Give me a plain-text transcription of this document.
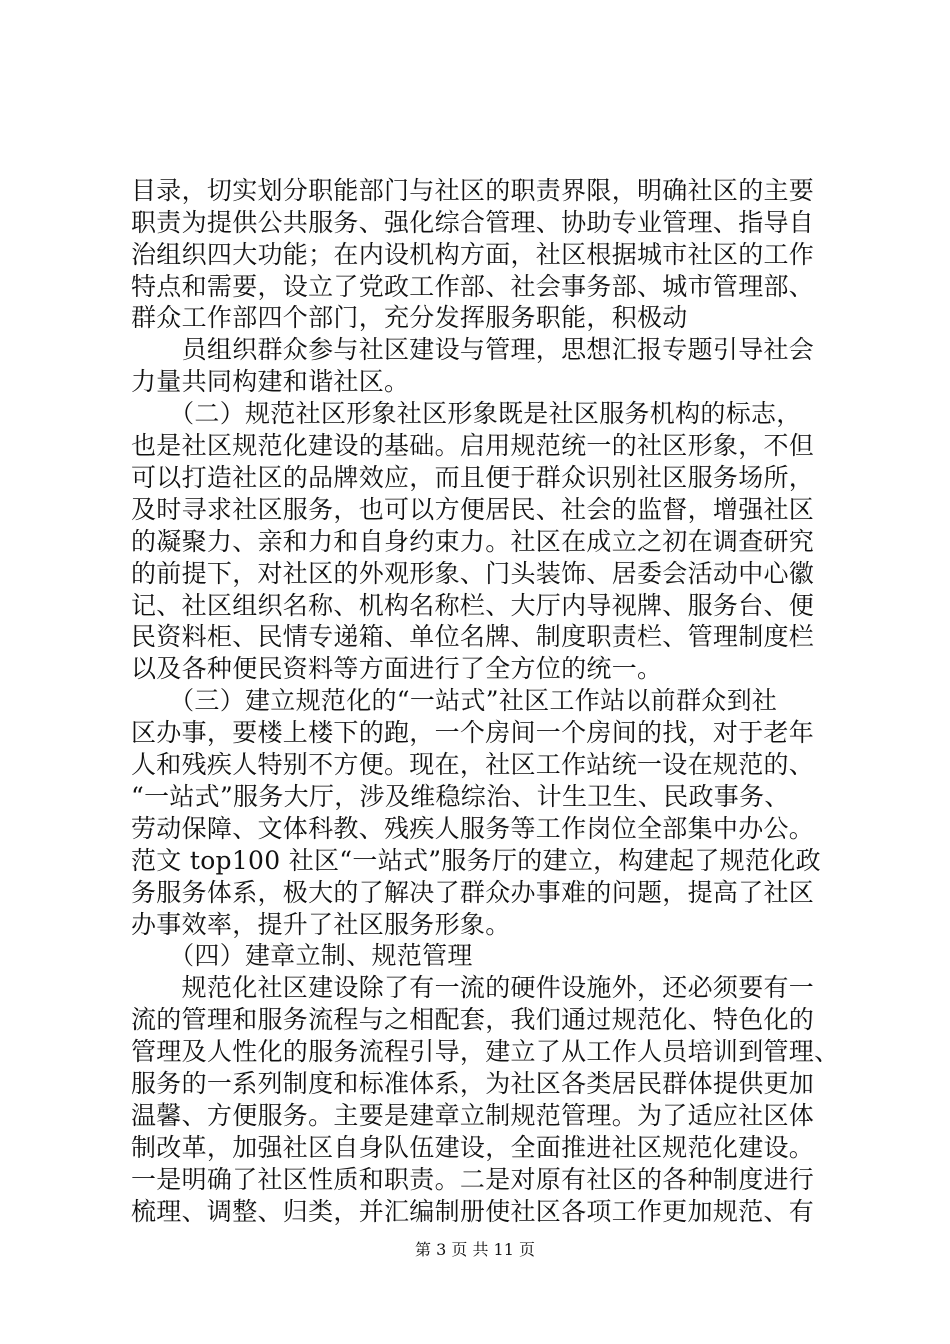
目录，切实划分职能部门与社区的职责界限，明确社区的主要
职责为提供公共服务、强化综合管理、协助专业管理、指导自
治组织四大功能；在内设机构方面，社区根据城市社区的工作
特点和需要，设立了党政工作部、社会事务部、城市管理部、
群众工作部四个部门，充分发挥服务职能，积极动
　　员组织群众参与社区建设与管理，思想汇报专题引导社会
力量共同构建和谐社区。
　　（二）规范社区形象社区形象既是社区服务机构的标志，
也是社区规范化建设的基础。启用规范统一的社区形象，不但
可以打造社区的品牌效应，而且便于群众识别社区服务场所，
及时寻求社区服务，也可以方便居民、社会的监督，增强社区
的凝聚力、亲和力和自身约束力。社区在成立之初在调查研究
的前提下，对社区的外观形象、门头装饰、居委会活动中心徽
记、社区组织名称、机构名称栏、大厅内导视牌、服务台、便
民资料柜、民情专递箱、单位名牌、制度职责栏、管理制度栏
以及各种便民资料等方面进行了全方位的统一。
　　（三）建立规范化的“一站式”社区工作站以前群众到社
区办事，要楼上楼下的跑，一个房间一个房间的找，对于老年
人和残疾人特别不方便。现在，社区工作站统一设在规范的、
“一站式”服务大厅，涉及维稳综治、计生卫生、民政事务、
劳动保障、文体科教、残疾人服务等工作岗位全部集中办公。
范文 top100 社区“一站式”服务厅的建立，构建起了规范化政
务服务体系，极大的了解决了群众办事难的问题，提高了社区
办事效率，提升了社区服务形象。
　　（四）建章立制、规范管理
　　规范化社区建设除了有一流的硬件设施外，还必须要有一
流的管理和服务流程与之相配套，我们通过规范化、特色化的
管理及人性化的服务流程引导，建立了从工作人员培训到管理、
服务的一系列制度和标准体系，为社区各类居民群体提供更加
温馨、方便服务。主要是建章立制规范管理。为了适应社区体
制改革，加强社区自身队伍建设，全面推进社区规范化建设。
一是明确了社区性质和职责。二是对原有社区的各种制度进行
梳理、调整、归类，并汇编制册使社区各项工作更加规范、有
第 3 页 共 11 页
